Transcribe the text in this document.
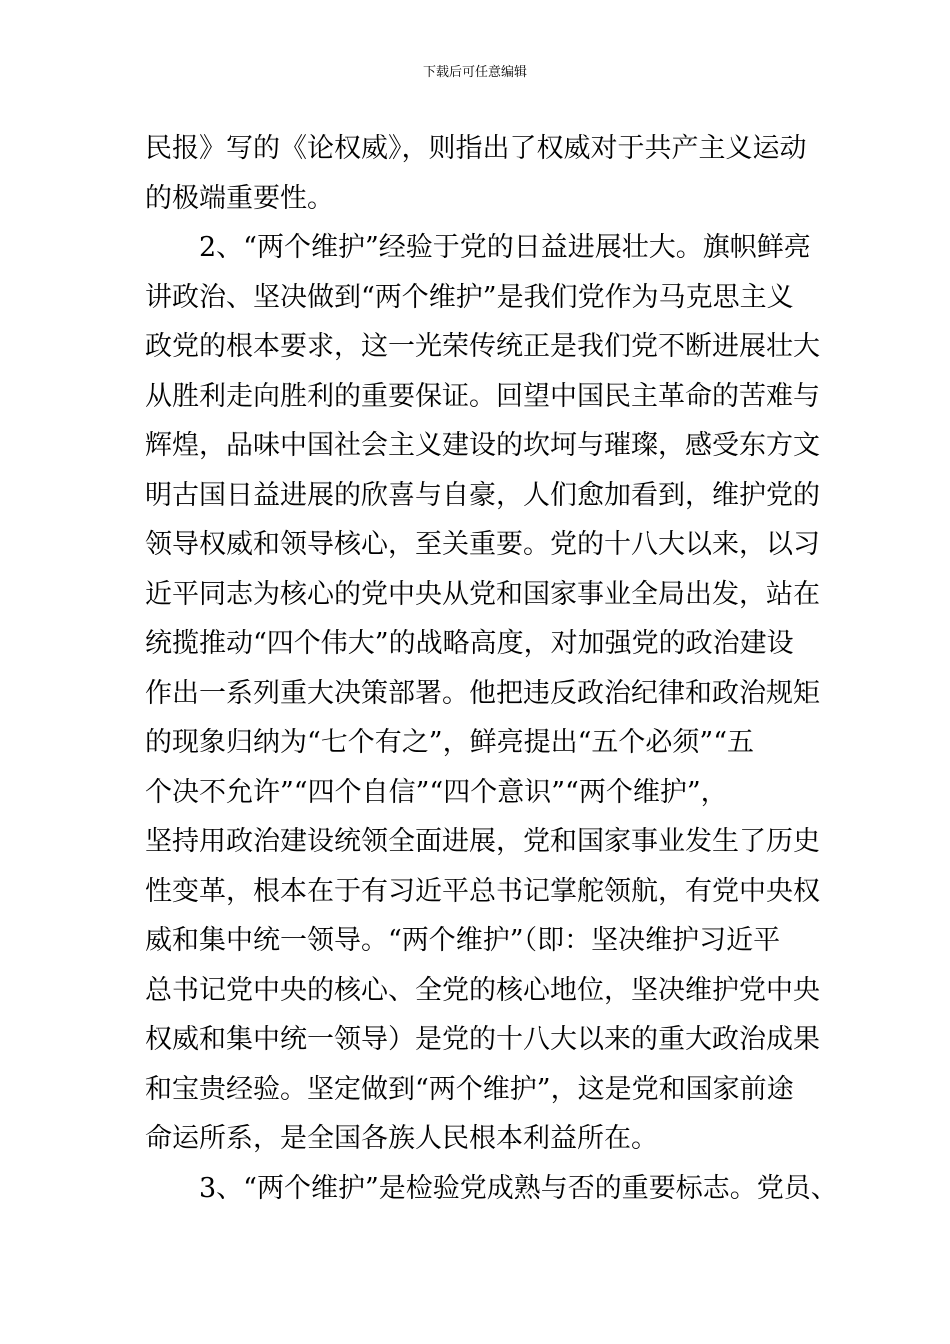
下载后可任意编辑
民报》写的《论权威》，则指出了权威对于共产主义运动
的极端重要性。
　　2、“两个维护”经验于党的日益进展壮大。旗帜鲜亮
讲政治、坚决做到“两个维护”是我们党作为马克思主义
政党的根本要求，这一光荣传统正是我们党不断进展壮大
从胜利走向胜利的重要保证。回望中国民主革命的苦难与
辉煌，品味中国社会主义建设的坎坷与璀璨，感受东方文
明古国日益进展的欣喜与自豪，人们愈加看到，维护党的
领导权威和领导核心，至关重要。党的十八大以来，以习
近平同志为核心的党中央从党和国家事业全局出发，站在
统揽推动“四个伟大”的战略高度，对加强党的政治建设
作出一系列重大决策部署。他把违反政治纪律和政治规矩
的现象归纳为“七个有之”，鲜亮提出“五个必须”“五
个决不允许”“四个自信”“四个意识”“两个维护”，
坚持用政治建设统领全面进展，党和国家事业发生了历史
性变革，根本在于有习近平总书记掌舵领航，有党中央权
威和集中统一领导。“两个维护”（即：坚决维护习近平
总书记党中央的核心、全党的核心地位，坚决维护党中央
权威和集中统一领导）是党的十八大以来的重大政治成果
和宝贵经验。坚定做到“两个维护”，这是党和国家前途
命运所系，是全国各族人民根本利益所在。
　　3、“两个维护”是检验党成熟与否的重要标志。党员、
